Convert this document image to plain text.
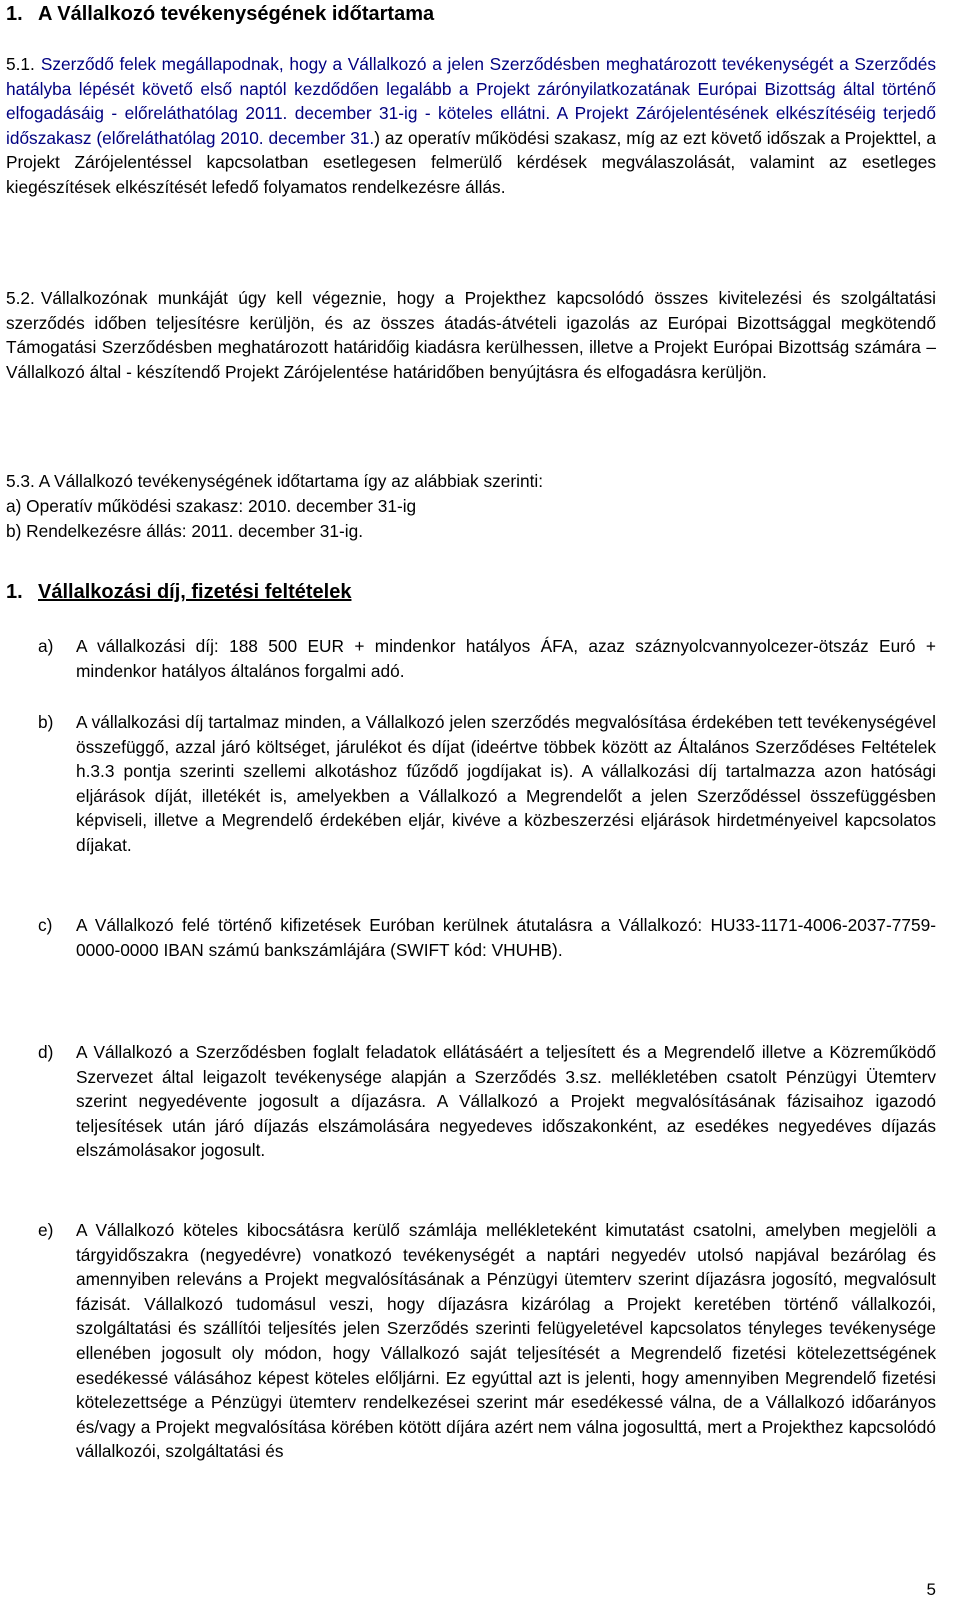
1. A Vállalkozó tevékenységének időtartama
5.1. Szerződő felek megállapodnak, hogy a Vállalkozó a jelen Szerződésben meghatározott tevékenységét a Szerződés hatályba lépését követő első naptól kezdődően legalább a Projekt zárónyilatkozatának Európai Bizottság által történő elfogadásáig - előreláthatólag 2011. december 31-ig - köteles ellátni. A Projekt Zárójelentésének elkészítéséig terjedő időszakasz (előreláthatólag 2010. december 31.) az operatív működési szakasz, míg az ezt követő időszak a Projekttel, a Projekt Zárójelentéssel kapcsolatban esetlegesen felmerülő kérdések megválaszolását, valamint az esetleges kiegészítések elkészítését lefedő folyamatos rendelkezésre állás.
5.2. Vállalkozónak munkáját úgy kell végeznie, hogy a Projekthez kapcsolódó összes kivitelezési és szolgáltatási szerződés időben teljesítésre kerüljön, és az összes átadás-átvételi igazolás az Európai Bizottsággal megkötendő Támogatási Szerződésben meghatározott határidőig kiadásra kerülhessen, illetve a Projekt Európai Bizottság számára – Vállalkozó által - készítendő Projekt Zárójelentése határidőben benyújtásra és elfogadásra kerüljön.
5.3. A Vállalkozó tevékenységének időtartama így az alábbiak szerinti:
a) Operatív működési szakasz: 2010. december 31-ig
b) Rendelkezésre állás: 2011. december 31-ig.
1. Vállalkozási díj, fizetési feltételek
a) A vállalkozási díj: 188 500 EUR + mindenkor hatályos ÁFA, azaz száznyolcvannyolcezer-ötszáz Euró + mindenkor hatályos általános forgalmi adó.
b) A vállalkozási díj tartalmaz minden, a Vállalkozó jelen szerződés megvalósítása érdekében tett tevékenységével összefüggő, azzal járó költséget, járulékot és díjat (ideértve többek között az Általános Szerződéses Feltételek h.3.3 pontja szerinti szellemi alkotáshoz fűződő jogdíjakat is). A vállalkozási díj tartalmazza azon hatósági eljárások díját, illetékét is, amelyekben a Vállalkozó a Megrendelőt a jelen Szerződéssel összefüggésben képviseli, illetve a Megrendelő érdekében eljár, kivéve a közbeszerzési eljárások hirdetményeivel kapcsolatos díjakat.
c) A Vállalkozó felé történő kifizetések Euróban kerülnek átutalásra a Vállalkozó: HU33-1171-4006-2037-7759-0000-0000 IBAN számú bankszámlájára (SWIFT kód: VHUHB).
d) A Vállalkozó a Szerződésben foglalt feladatok ellátásáért a teljesített és a Megrendelő illetve a Közreműködő Szervezet által leigazolt tevékenysége alapján a Szerződés 3.sz. mellékletében csatolt Pénzügyi Ütemterv szerint negyedévente jogosult a díjazásra. A Vállalkozó a Projekt megvalósításának fázisaihoz igazodó teljesítések után járó díjazás elszámolására negyedeves időszakonként, az esedékes negyedéves díjazás elszámolásakor jogosult.
e) A Vállalkozó köteles kibocsátásra kerülő számlája mellékleteként kimutatást csatolni, amelyben megjelöli a tárgyidőszakra (negyedévre) vonatkozó tevékenységét a naptári negyedév utolsó napjával bezárólag és amennyiben releváns a Projekt megvalósításának a Pénzügyi ütemterv szerint díjazásra jogosító, megvalósult fázisát. Vállalkozó tudomásul veszi, hogy díjazásra kizárólag a Projekt keretében történő vállalkozói, szolgáltatási és szállítói teljesítés jelen Szerződés szerinti felügyeletével kapcsolatos tényleges tevékenysége ellenében jogosult oly módon, hogy Vállalkozó saját teljesítését a Megrendelő fizetési kötelezettségének esedékessé válásához képest köteles előljárni. Ez egyúttal azt is jelenti, hogy amennyiben Megrendelő fizetési kötelezettsége a Pénzügyi ütemterv rendelkezései szerint már esedékessé válna, de a Vállalkozó időarányos és/vagy a Projekt megvalósítása körében kötött díjára azért nem válna jogosulttá, mert a Projekthez kapcsolódó vállalkozói, szolgáltatási és
5
